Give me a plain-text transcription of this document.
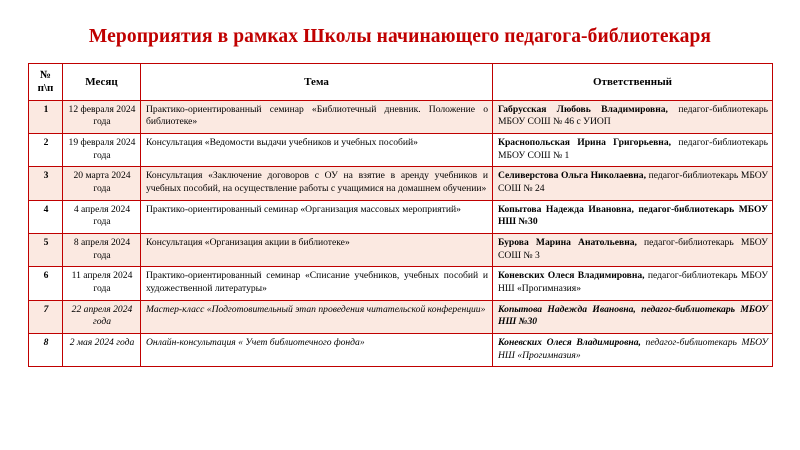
Мероприятия в рамках Школы начинающего педагога-библиотекаря
№ п\п	Месяц	Тема	Ответственный
1	12 февраля 2024 года	Практико-ориентированный семинар «Библиотечный дневник. Положение о библиотеке»	Габрусская Любовь Владимировна, педагог-библиотекарь МБОУ СОШ № 46 с УИОП
2	19 февраля 2024 года	Консультация «Ведомости выдачи учебников и учебных пособий»	Краснопольская Ирина Григорьевна, педагог-библиотекарь МБОУ СОШ № 1
3	20 марта 2024 года	Консультация «Заключение договоров с ОУ на взятие в аренду учебников и учебных пособий, на осуществление работы с учащимися на домашнем обучении»	Селиверстова Ольга Николаевна, педагог-библиотекарь МБОУ СОШ № 24
4	4 апреля 2024 года	Практико-ориентированный семинар «Организация массовых мероприятий»	Копытова Надежда Ивановна, педагог-библиотекарь МБОУ НШ №30
5	8 апреля 2024 года	Консультация «Организация акции в библиотеке»	Бурова Марина Анатольевна, педагог-библиотекарь МБОУ СОШ № 3
6	11 апреля 2024 года	Практико-ориентированный семинар «Списание учебников, учебных пособий и художественной литературы»	Коневских Олеся Владимировна, педагог-библиотекарь МБОУ НШ «Прогимназия»
7	22 апреля 2024 года	Мастер-класс «Подготовительный этап проведения читательской конференции»	Копытова Надежда Ивановна, педагог-библиотекарь МБОУ НШ №30
8	2 мая 2024 года	Онлайн-консультация « Учет библиотечного фонда»	Коневских Олеся Владимировна, педагог-библиотекарь МБОУ НШ «Прогимназия»
